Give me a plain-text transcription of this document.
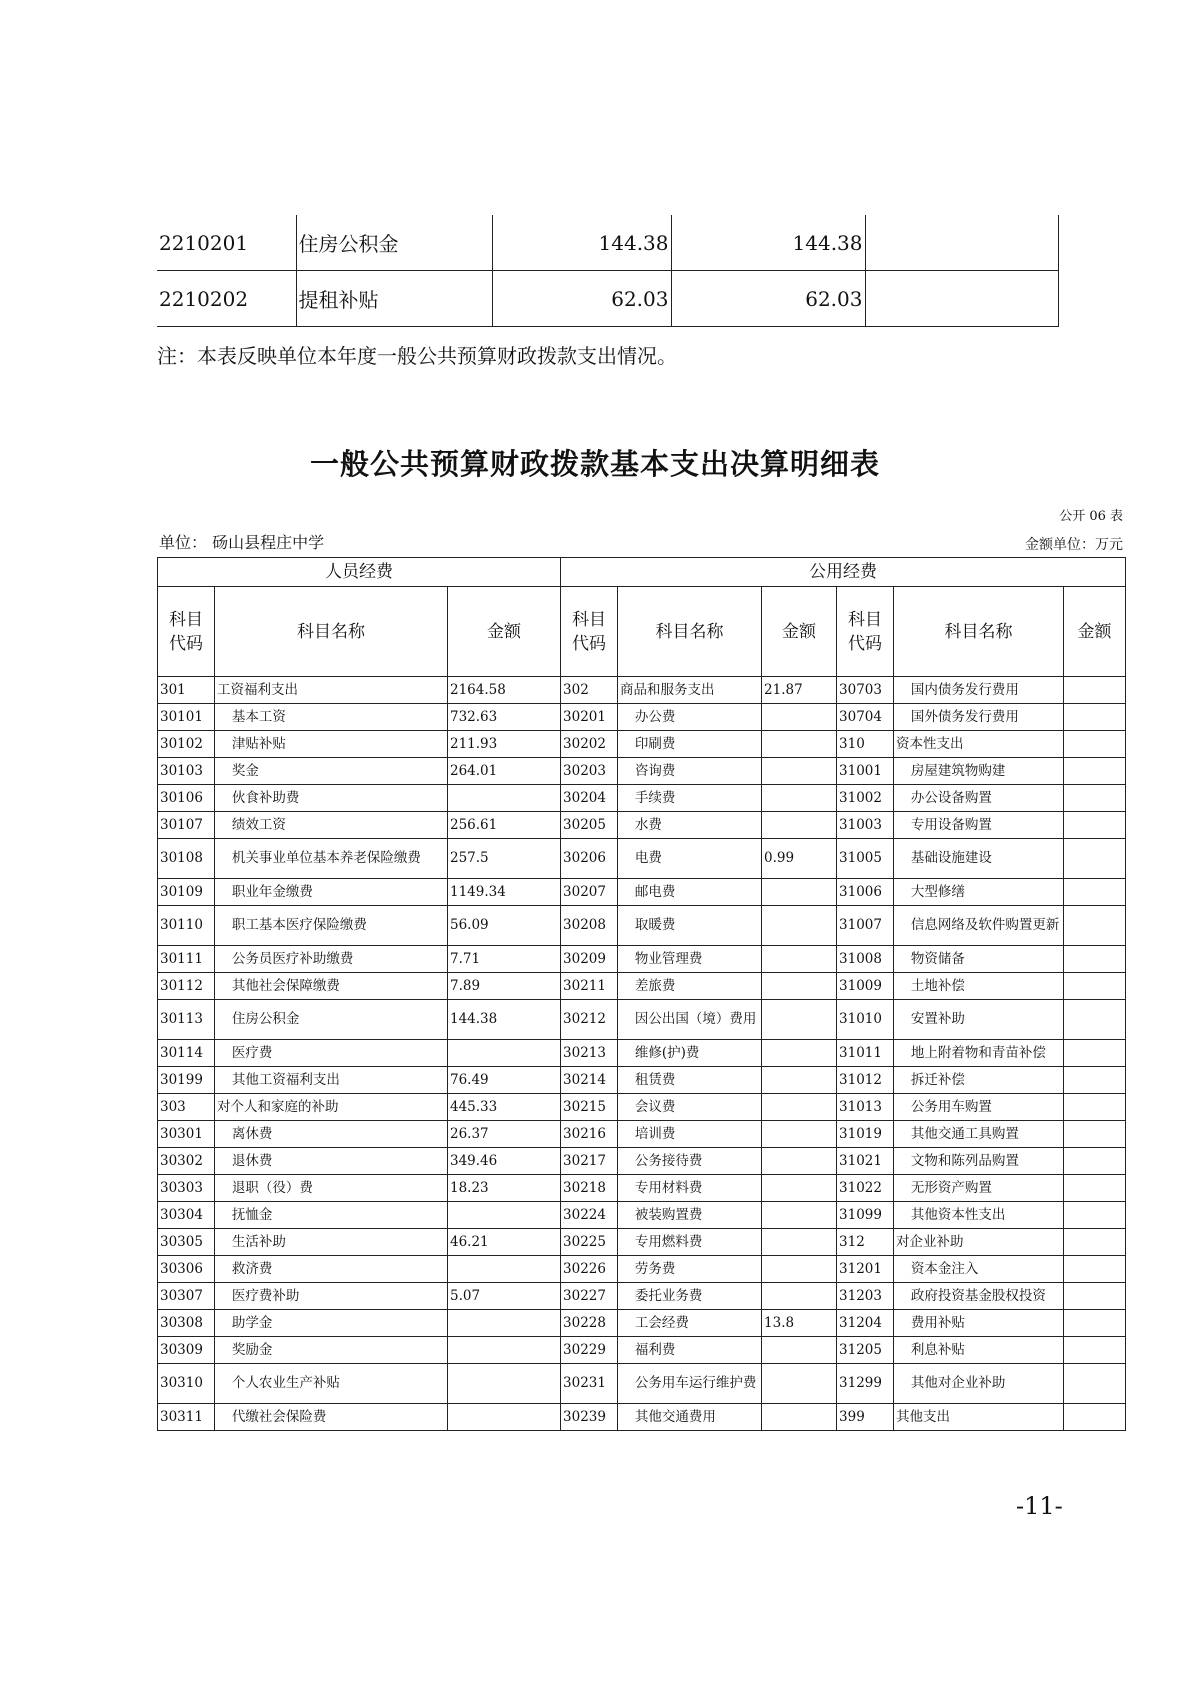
2210201	住房公积金	144.38	144.38	
2210202	提租补贴	62.03	62.03	
注：本表反映单位本年度一般公共预算财政拨款支出情况。
一般公共预算财政拨款基本支出决算明细表
公开 06 表
单位： 砀山县程庄中学	金额单位：万元
人员经费			公用经费					
科目
代码	科目名称	金额	科目
代码	科目名称	金额	科目
代码	科目名称	金额
301	工资福利支出	2164.58	302	商品和服务支出	21.87	30703	国内债务发行费用	
30101	基本工资	732.63	30201	办公费		30704	国外债务发行费用	
30102	津贴补贴	211.93	30202	印刷费		310	资本性支出	
30103	奖金	264.01	30203	咨询费		31001	房屋建筑物购建	
30106	伙食补助费		30204	手续费		31002	办公设备购置	
30107	绩效工资	256.61	30205	水费		31003	专用设备购置	
30108	机关事业单位基本养老保险缴费	257.5	30206	电费	0.99	31005	基础设施建设	
30109	职业年金缴费	1149.34	30207	邮电费		31006	大型修缮	
30110	职工基本医疗保险缴费	56.09	30208	取暖费		31007	信息网络及软件购置更新	
30111	公务员医疗补助缴费	7.71	30209	物业管理费		31008	物资储备	
30112	其他社会保障缴费	7.89	30211	差旅费		31009	土地补偿	
30113	住房公积金	144.38	30212	因公出国（境）费用		31010	安置补助	
30114	医疗费		30213	维修(护)费		31011	地上附着物和青苗补偿	
30199	其他工资福利支出	76.49	30214	租赁费		31012	拆迁补偿	
303	对个人和家庭的补助	445.33	30215	会议费		31013	公务用车购置	
30301	离休费	26.37	30216	培训费		31019	其他交通工具购置	
30302	退休费	349.46	30217	公务接待费		31021	文物和陈列品购置	
30303	退职（役）费	18.23	30218	专用材料费		31022	无形资产购置	
30304	抚恤金		30224	被装购置费		31099	其他资本性支出	
30305	生活补助	46.21	30225	专用燃料费		312	对企业补助	
30306	救济费		30226	劳务费		31201	资本金注入	
30307	医疗费补助	5.07	30227	委托业务费		31203	政府投资基金股权投资	
30308	助学金		30228	工会经费	13.8	31204	费用补贴	
30309	奖励金		30229	福利费		31205	利息补贴	
30310	个人农业生产补贴		30231	公务用车运行维护费		31299	其他对企业补助	
30311	代缴社会保险费		30239	其他交通费用		399	其他支出	
-11-
